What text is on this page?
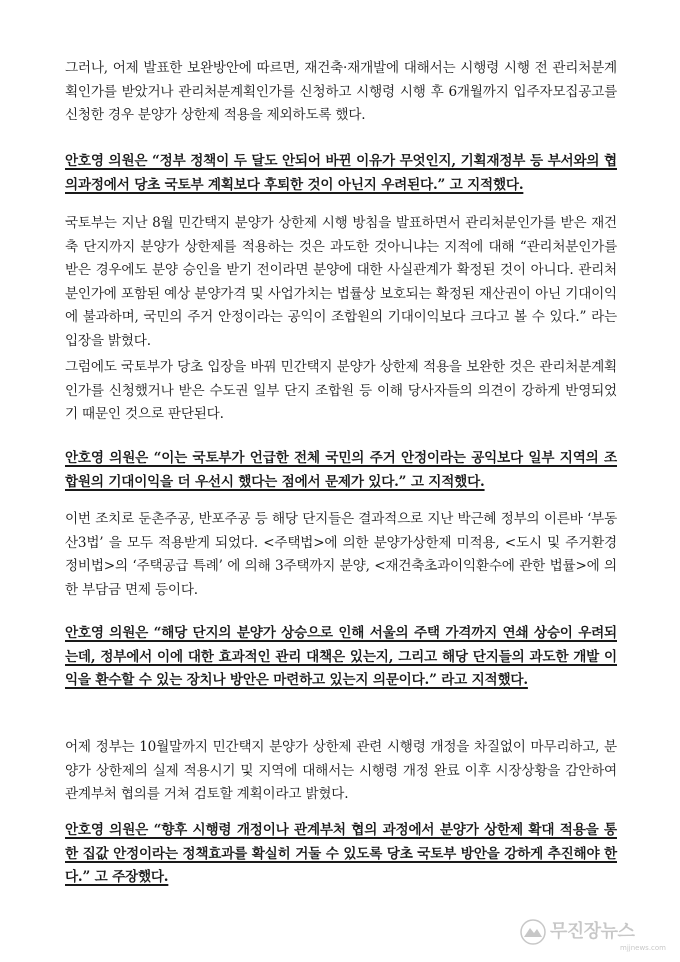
그러나, 어제 발표한 보완방안에 따르면, 재건축·재개발에 대해서는 시행령 시행 전 관리처분계획인가를 받았거나 관리처분계획인가를 신청하고 시행령 시행 후 6개월까지 입주자모집공고를 신청한 경우 분양가 상한제 적용을 제외하도록 했다.

안호영 의원은 “정부 정책이 두 달도 안되어 바뀐 이유가 무엇인지, 기획재정부 등 부서와의 협의과정에서 당초 국토부 계획보다 후퇴한 것이 아닌지 우려된다.” 고 지적했다.

국토부는 지난 8월 민간택지 분양가 상한제 시행 방침을 발표하면서 관리처분인가를 받은 재건축 단지까지 분양가 상한제를 적용하는 것은 과도한 것아니냐는 지적에 대해 “관리처분인가를 받은 경우에도 분양 승인을 받기 전이라면 분양에 대한 사실관계가 확정된 것이 아니다. 관리처분인가에 포함된 예상 분양가격 및 사업가치는 법률상 보호되는 확정된 재산권이 아닌 기대이익에 불과하며, 국민의 주거 안정이라는 공익이 조합원의 기대이익보다 크다고 볼 수 있다.” 라는 입장을 밝혔다.

그럼에도 국토부가 당초 입장을 바꿔 민간택지 분양가 상한제 적용을 보완한 것은 관리처분계획인가를 신청했거나 받은 수도권 일부 단지 조합원 등 이해 당사자들의 의견이 강하게 반영되었기 때문인 것으로 판단된다.

안호영 의원은 “이는 국토부가 언급한 전체 국민의 주거 안정이라는 공익보다 일부 지역의 조합원의 기대이익을 더 우선시 했다는 점에서 문제가 있다.” 고 지적했다.

이번 조치로 둔촌주공, 반포주공 등 해당 단지들은 결과적으로 지난 박근혜 정부의 이른바 ‘부동산3법’ 을 모두 적용받게 되었다. <주택법>에 의한 분양가상한제 미적용, <도시 및 주거환경정비법>의 ‘주택공급 특례’ 에 의해 3주택까지 분양, <재건축초과이익환수에 관한 법률>에 의한 부담금 면제 등이다.

안호영 의원은 “해당 단지의 분양가 상승으로 인해 서울의 주택 가격까지 연쇄 상승이 우려되는데, 정부에서 이에 대한 효과적인 관리 대책은 있는지, 그리고 해당 단지들의 과도한 개발 이익을 환수할 수 있는 장치나 방안은 마련하고 있는지 의문이다.” 라고 지적했다.

어제 정부는 10월말까지 민간택지 분양가 상한제 관련 시행령 개정을 차질없이 마무리하고, 분양가 상한제의 실제 적용시기 및 지역에 대해서는 시행령 개정 완료 이후 시장상황을 감안하여 관계부처 협의를 거쳐 검토할 계획이라고 밝혔다.

안호영 의원은 “향후 시행령 개정이나 관계부처 협의 과정에서 분양가 상한제 확대 적용을 통한 집값 안정이라는 정책효과를 확실히 거둘 수 있도록 당초 국토부 방안을 강하게 추진해야 한다.” 고 주장했다.

무진장뉴스
mjjnews.com
